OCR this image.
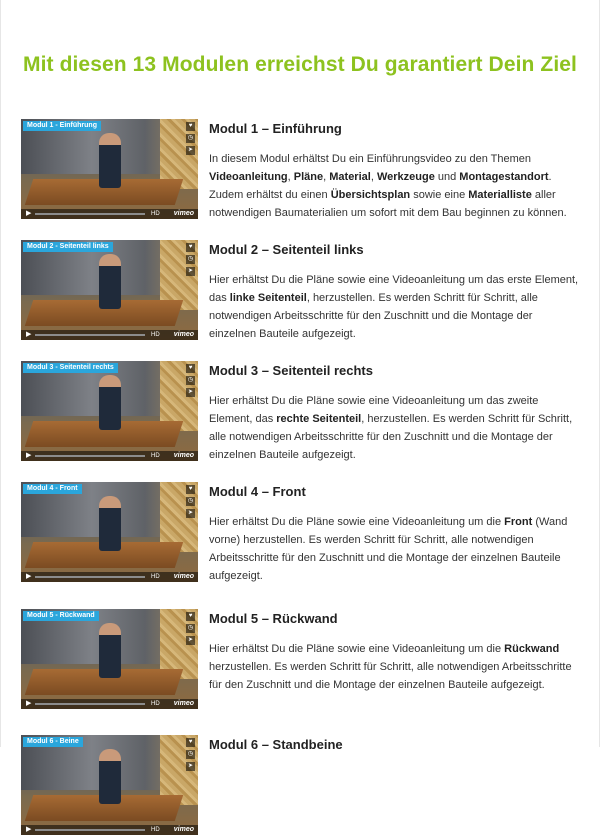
Mit diesen 13 Modulen erreichst Du garantiert Dein Ziel
Modul 1 - Einführung	♥
◷
➤
▶	HD vimeo
Modul 1 – Einführung
In diesem Modul erhältst Du ein Einführungsvideo zu den Themen Videoanleitung, Pläne, Material, Werkzeuge und Montagestandort. Zudem erhältst du einen Übersichtsplan sowie eine Materialliste aller notwendigen Baumaterialien um sofort mit dem Bau beginnen zu können.
Modul 2 - Seitenteil links	♥
◷
➤
▶	HD vimeo
Modul 2 – Seitenteil links
Hier erhältst Du die Pläne sowie eine Videoanleitung um das erste Element, das linke Seitenteil, herzustellen. Es werden Schritt für Schritt, alle notwendigen Arbeitsschritte für den Zuschnitt und die Montage der einzelnen Bauteile aufgezeigt.
Modul 3 - Seitenteil rechts	♥
◷
➤
▶	HD vimeo
Modul 3 – Seitenteil rechts
Hier erhältst Du die Pläne sowie eine Videoanleitung um das zweite Element, das rechte Seitenteil, herzustellen. Es werden Schritt für Schritt, alle notwendigen Arbeitsschritte für den Zuschnitt und die Montage der einzelnen Bauteile aufgezeigt.
Modul 4 - Front	♥
◷
➤
▶	HD vimeo
Modul 4 – Front
Hier erhältst Du die Pläne sowie eine Videoanleitung um die Front (Wand vorne) herzustellen. Es werden Schritt für Schritt, alle notwendigen Arbeitsschritte für den Zuschnitt und die Montage der einzelnen Bauteile aufgezeigt.
Modul 5 - Rückwand	♥
◷
➤
▶	HD vimeo
Modul 5 – Rückwand
Hier erhältst Du die Pläne sowie eine Videoanleitung um die Rückwand herzustellen. Es werden Schritt für Schritt, alle notwendigen Arbeitsschritte für den Zuschnitt und die Montage der einzelnen Bauteile aufgezeigt.
Modul 6 - Beine	♥
◷
➤
▶	HD vimeo
Modul 6 – Standbeine
